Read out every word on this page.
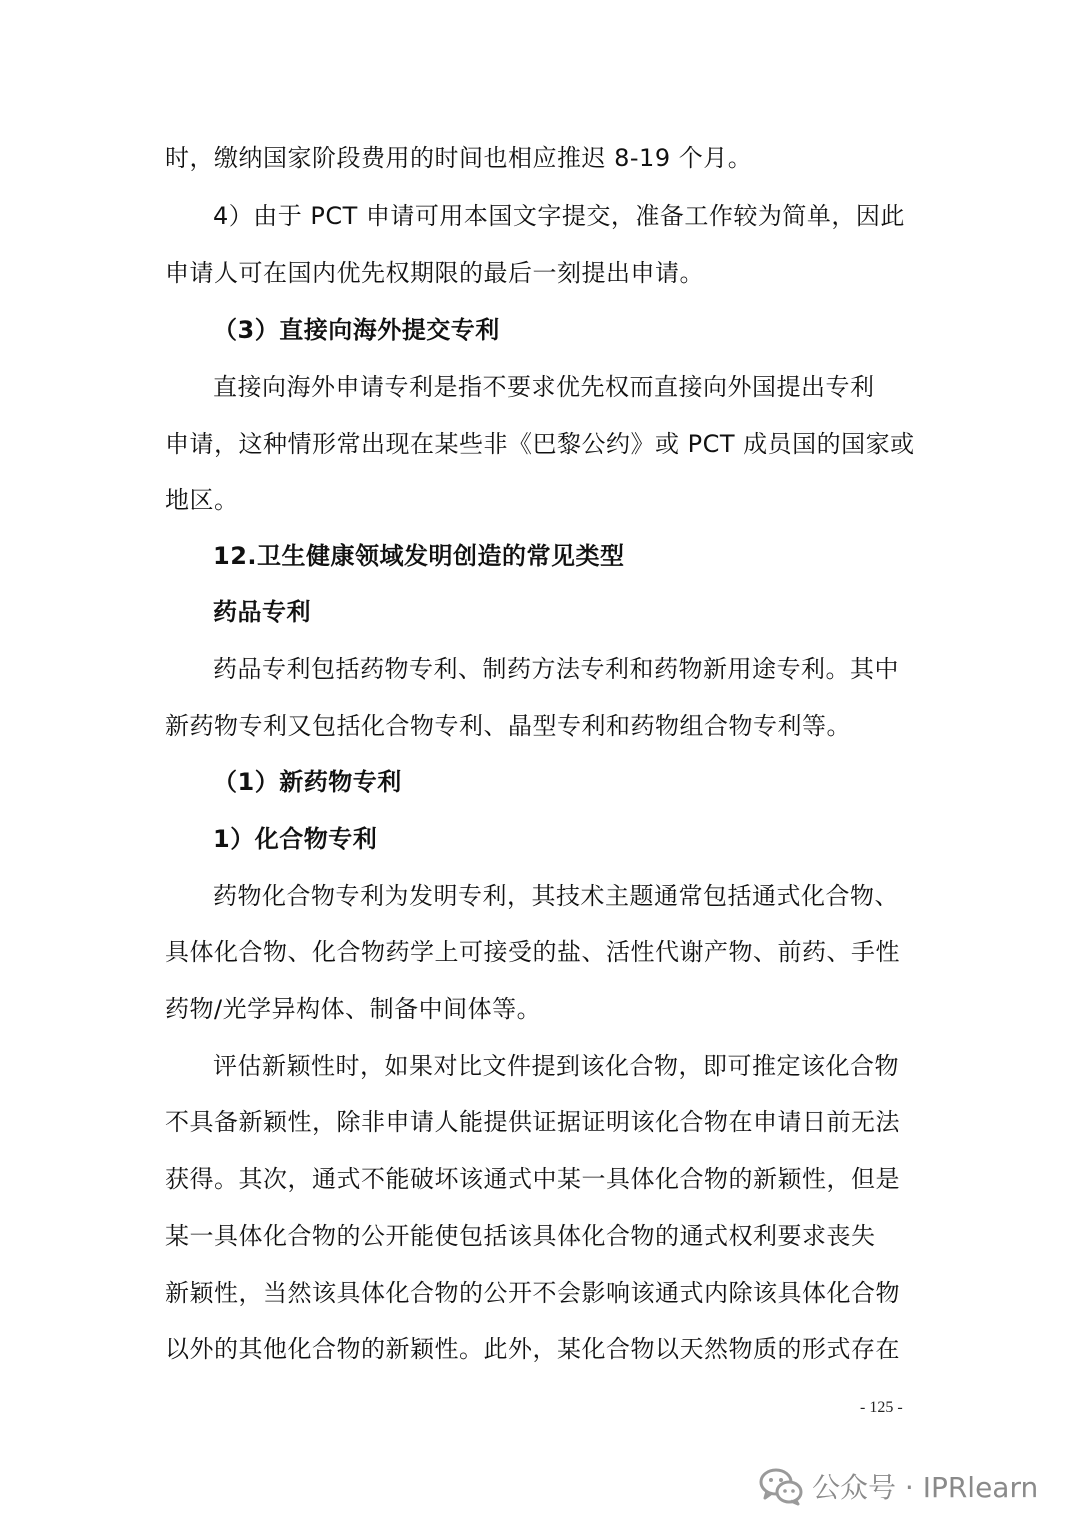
时，缴纳国家阶段费用的时间也相应推迟 8-19 个月。
4）由于 PCT 申请可用本国文字提交，准备工作较为简单，因此
申请人可在国内优先权期限的最后一刻提出申请。
（3）直接向海外提交专利
直接向海外申请专利是指不要求优先权而直接向外国提出专利
申请，这种情形常出现在某些非《巴黎公约》或 PCT 成员国的国家或
地区。
12.卫生健康领域发明创造的常见类型
药品专利
药品专利包括药物专利、制药方法专利和药物新用途专利。其中
新药物专利又包括化合物专利、晶型专利和药物组合物专利等。
（1）新药物专利
1）化合物专利
药物化合物专利为发明专利，其技术主题通常包括通式化合物、
具体化合物、化合物药学上可接受的盐、活性代谢产物、前药、手性
药物/光学异构体、制备中间体等。
评估新颖性时，如果对比文件提到该化合物，即可推定该化合物
不具备新颖性，除非申请人能提供证据证明该化合物在申请日前无法
获得。其次，通式不能破坏该通式中某一具体化合物的新颖性，但是
某一具体化合物的公开能使包括该具体化合物的通式权利要求丧失
新颖性，当然该具体化合物的公开不会影响该通式内除该具体化合物
以外的其他化合物的新颖性。此外，某化合物以天然物质的形式存在
- 125 -
公众号 · IPRlearn
